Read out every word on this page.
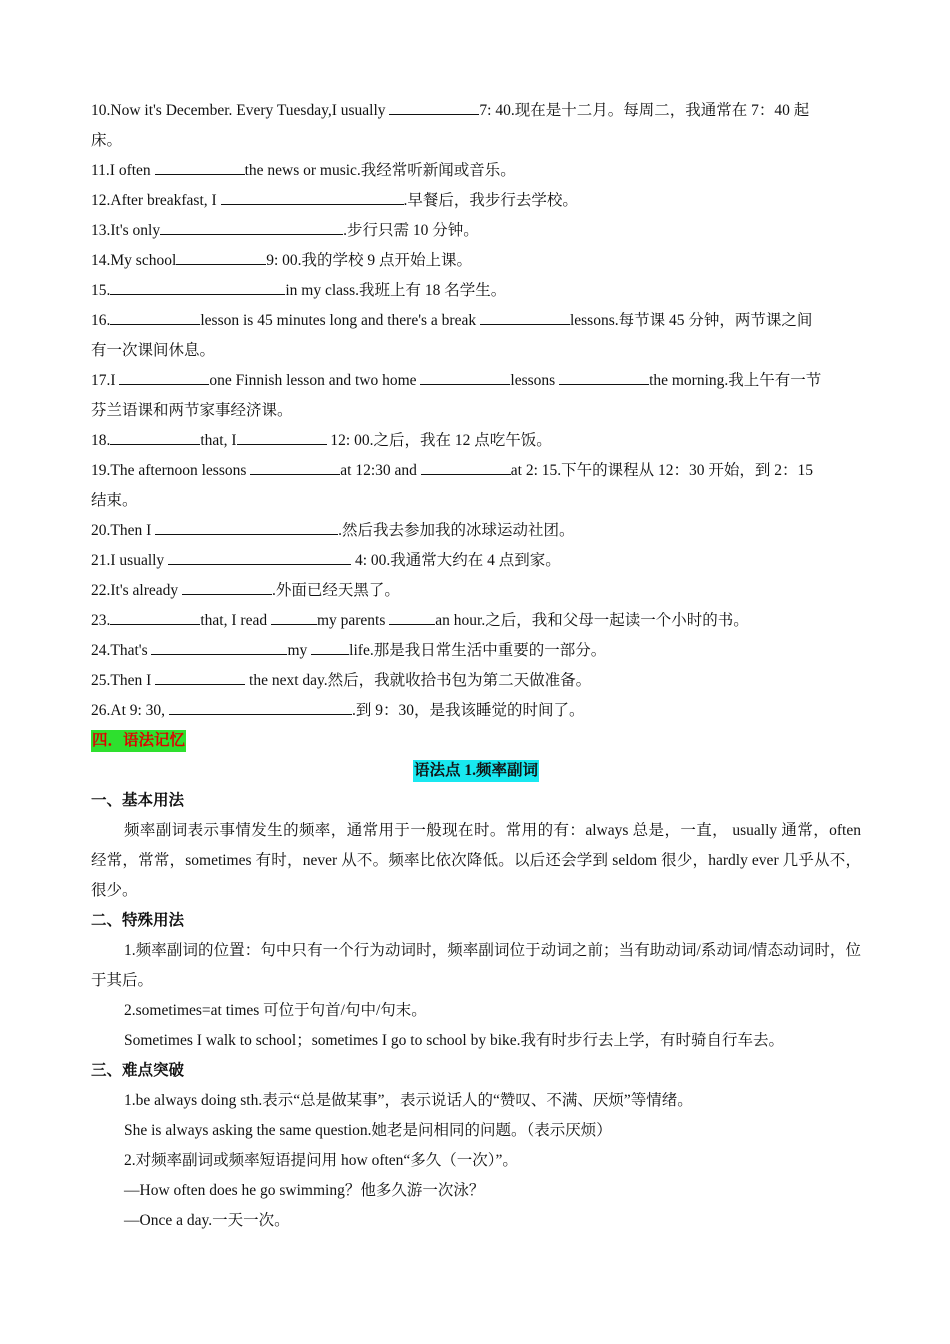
10.Now it's December. Every Tuesday,I usually	7: 40.现在是十二月。每周二，我通常在 7：40 起
床。
11.I often	the news or music.我经常听新闻或音乐。
12.After breakfast, I	.早餐后，我步行去学校。
13.It's only	.步行只需 10 分钟。
14.My school	9: 00.我的学校 9 点开始上课。
15.	in my class.我班上有 18 名学生。
16.	lesson is 45 minutes long and there's a break	lessons.每节课 45 分钟，两节课之间
有一次课间休息。
17.I	one Finnish lesson and two home	lessons	the morning.我上午有一节
芬兰语课和两节家事经济课。
18.	that, I	12: 00.之后，我在 12 点吃午饭。
19.The afternoon lessons	at 12:30 and	at 2: 15.下午的课程从 12：30 开始，到 2：15
结束。
20.Then I	.然后我去参加我的冰球运动社团。
21.I usually	4: 00.我通常大约在 4 点到家。
22.It's already	.外面已经天黑了。
23.	that, I read	my parents	an hour.之后，我和父母一起读一个小时的书。
24.That's	my life.那是我日常生活中重要的一部分。
25.Then I	the next day.然后，我就收拾书包为第二天做准备。
26.At 9: 30,	.到 9：30，是我该睡觉的时间了。
四．语法记忆
语法点 1.频率副词
一、基本用法
频率副词表示事情发生的频率，通常用于一般现在时。常用的有：always 总是，一直， usually 通常，often 经常，常常，sometimes 有时，never 从不。频率比依次降低。以后还会学到 seldom 很少，hardly ever 几乎从不，很少。
二、特殊用法
1.频率副词的位置：句中只有一个行为动词时，频率副词位于动词之前；当有助动词/系动词/情态动词时，位于其后。
2.sometimes=at times 可位于句首/句中/句末。
Sometimes I walk to school；sometimes I go to school by bike.我有时步行去上学，有时骑自行车去。
三、难点突破
1.be always doing sth.表示“总是做某事”，表示说话人的“赞叹、不满、厌烦”等情绪。
She is always asking the same question.她老是问相同的问题。（表示厌烦）
2.对频率副词或频率短语提问用 how often“多久（一次）”。
—How often does he go swimming？他多久游一次泳？
—Once a day.一天一次。
